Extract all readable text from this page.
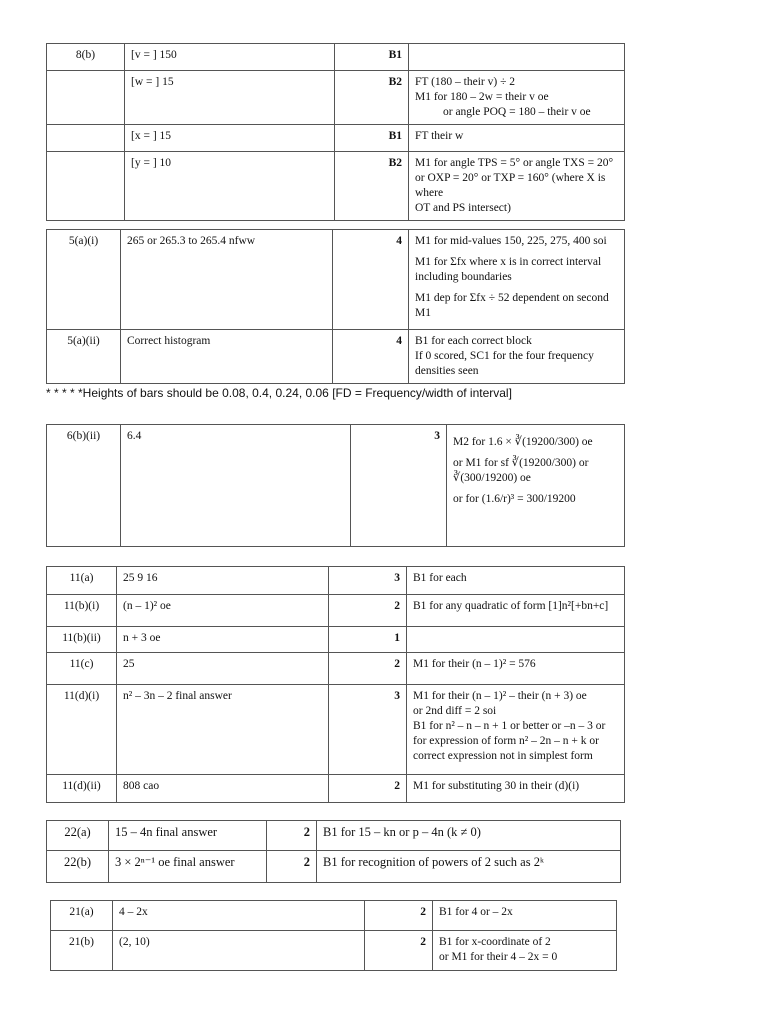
8(b)	[v = ] 150	B1	
	[w = ] 15	B2	FT (180 – their v) ÷ 2
M1 for 180 – 2w = their v oe
or angle POQ = 180 – their v oe

	[x = ] 15	B1	FT their w
	[y = ] 10	B2	M1 for angle TPS = 5° or angle TXS = 20°
or OXP = 20° or TXP = 160° (where X is where
OT and PS intersect)
5(a)(i)	265 or 265.3 to 265.4 nfww	4	M1 for mid-values 150, 225, 275, 400 soi

M1 for Σfx where x is in correct interval including boundaries

M1 dep for Σfx ÷ 52 dependent on second M1

5(a)(ii)	Correct histogram	4	B1 for each correct block
If 0 scored, SC1 for the four frequency densities seen
* * * * *Heights of bars should be 0.08, 0.4, 0.24, 0.06 [FD = Frequency/width of interval]
6(b)(ii)	6.4	3	M2 for 1.6 × ∛(19200/300) oe

or M1 for sf ∛(19200/300) or ∛(300/19200) oe

or for (1.6/r)³ = 300/19200

11(a)	25 9 16	3	B1 for each
11(b)(i)	(n – 1)² oe	2	B1 for any quadratic of form [1]n²[+bn+c]
11(b)(ii)	n + 3 oe	1	
11(c)	25	2	M1 for their (n – 1)² = 576
11(d)(i)	n² – 3n – 2 final answer	3	M1 for their (n – 1)² – their (n + 3) oe
or 2nd diff = 2 soi
B1 for n² – n – n + 1 or better or –n – 3 or for expression of form n² – 2n – n + k or correct expression not in simplest form

11(d)(ii)	808 cao	2	M1 for substituting 30 in their (d)(i)
22(a)	15 – 4n final answer	2	B1 for 15 – kn or p – 4n (k ≠ 0)
22(b)	3 × 2ⁿ⁻¹ oe final answer	2	B1 for recognition of powers of 2 such as 2ᵏ
21(a)	4 – 2x	2	B1 for 4 or – 2x
21(b)	(2, 10)	2	B1 for x-coordinate of 2
or M1 for their 4 – 2x = 0
